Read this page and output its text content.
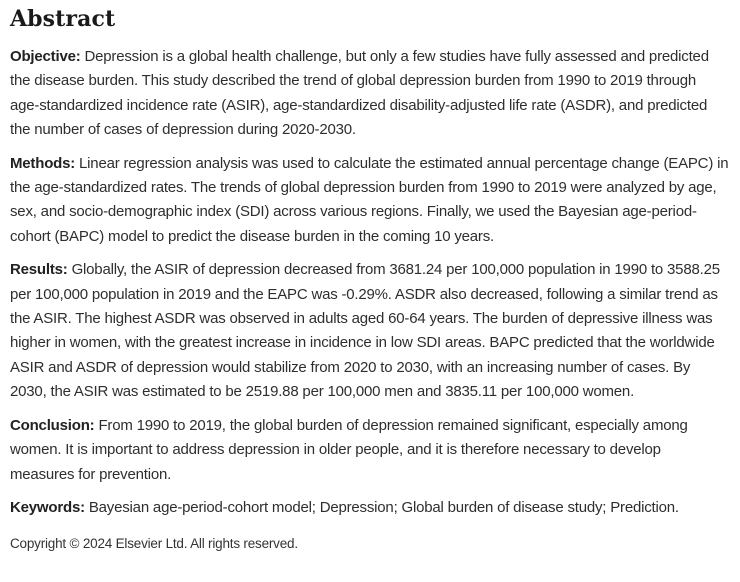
Abstract

Objective: Depression is a global health challenge, but only a few studies have fully assessed and predicted the disease burden. This study described the trend of global depression burden from 1990 to 2019 through age-standardized incidence rate (ASIR), age-standardized disability-adjusted life rate (ASDR), and predicted the number of cases of depression during 2020-2030.

Methods: Linear regression analysis was used to calculate the estimated annual percentage change (EAPC) in the age-standardized rates. The trends of global depression burden from 1990 to 2019 were analyzed by age, sex, and socio-demographic index (SDI) across various regions. Finally, we used the Bayesian age-period-cohort (BAPC) model to predict the disease burden in the coming 10 years.

Results: Globally, the ASIR of depression decreased from 3681.24 per 100,000 population in 1990 to 3588.25 per 100,000 population in 2019 and the EAPC was -0.29%. ASDR also decreased, following a similar trend as the ASIR. The highest ASDR was observed in adults aged 60-64 years. The burden of depressive illness was higher in women, with the greatest increase in incidence in low SDI areas. BAPC predicted that the worldwide ASIR and ASDR of depression would stabilize from 2020 to 2030, with an increasing number of cases. By 2030, the ASIR was estimated to be 2519.88 per 100,000 men and 3835.11 per 100,000 women.

Conclusion: From 1990 to 2019, the global burden of depression remained significant, especially among women. It is important to address depression in older people, and it is therefore necessary to develop measures for prevention.

Keywords: Bayesian age-period-cohort model; Depression; Global burden of disease study; Prediction.

Copyright © 2024 Elsevier Ltd. All rights reserved.
